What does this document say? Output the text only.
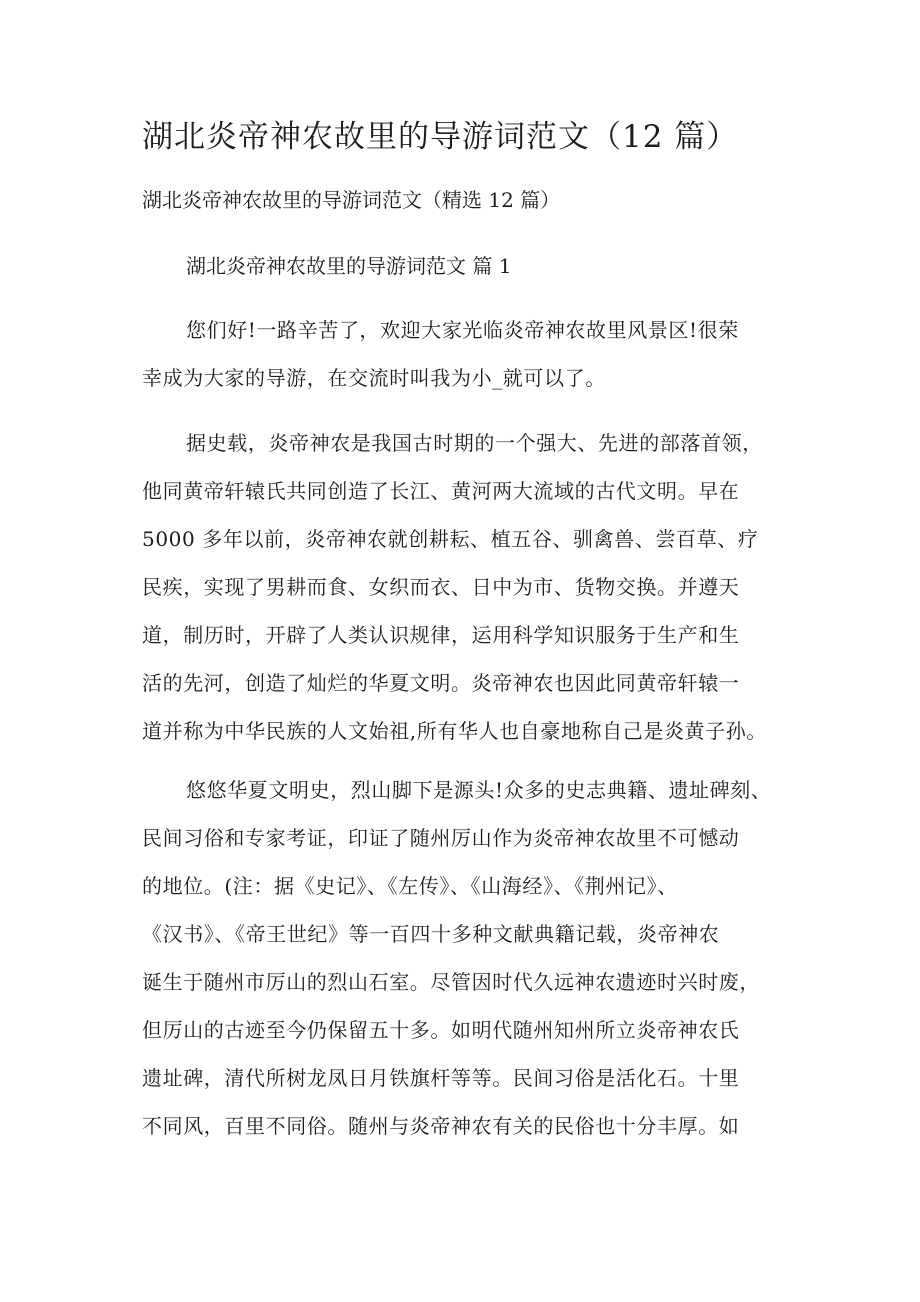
湖北炎帝神农故里的导游词范文（12 篇）

湖北炎帝神农故里的导游词范文（精选 12 篇）

湖北炎帝神农故里的导游词范文 篇 1

您们好!一路辛苦了，欢迎大家光临炎帝神农故里风景区!很荣
幸成为大家的导游，在交流时叫我为小_就可以了。
据史载，炎帝神农是我国古时期的一个强大、先进的部落首领，
他同黄帝轩辕氏共同创造了长江、黄河两大流域的古代文明。早在
5000 多年以前，炎帝神农就创耕耘、植五谷、驯禽兽、尝百草、疗
民疾，实现了男耕而食、女织而衣、日中为市、货物交换。并遵天
道，制历时，开辟了人类认识规律，运用科学知识服务于生产和生
活的先河，创造了灿烂的华夏文明。炎帝神农也因此同黄帝轩辕一
道并称为中华民族的人文始祖,所有华人也自豪地称自己是炎黄子孙。
悠悠华夏文明史，烈山脚下是源头!众多的史志典籍、遗址碑刻、
民间习俗和专家考证，印证了随州厉山作为炎帝神农故里不可憾动
的地位。(注：据《史记》、《左传》、《山海经》、《荆州记》、
《汉书》、《帝王世纪》等一百四十多种文献典籍记载，炎帝神农
诞生于随州市厉山的烈山石室。尽管因时代久远神农遗迹时兴时废，
但厉山的古迹至今仍保留五十多。如明代随州知州所立炎帝神农氏
遗址碑，清代所树龙凤日月铁旗杆等等。民间习俗是活化石。十里
不同风，百里不同俗。随州与炎帝神农有关的民俗也十分丰厚。如
